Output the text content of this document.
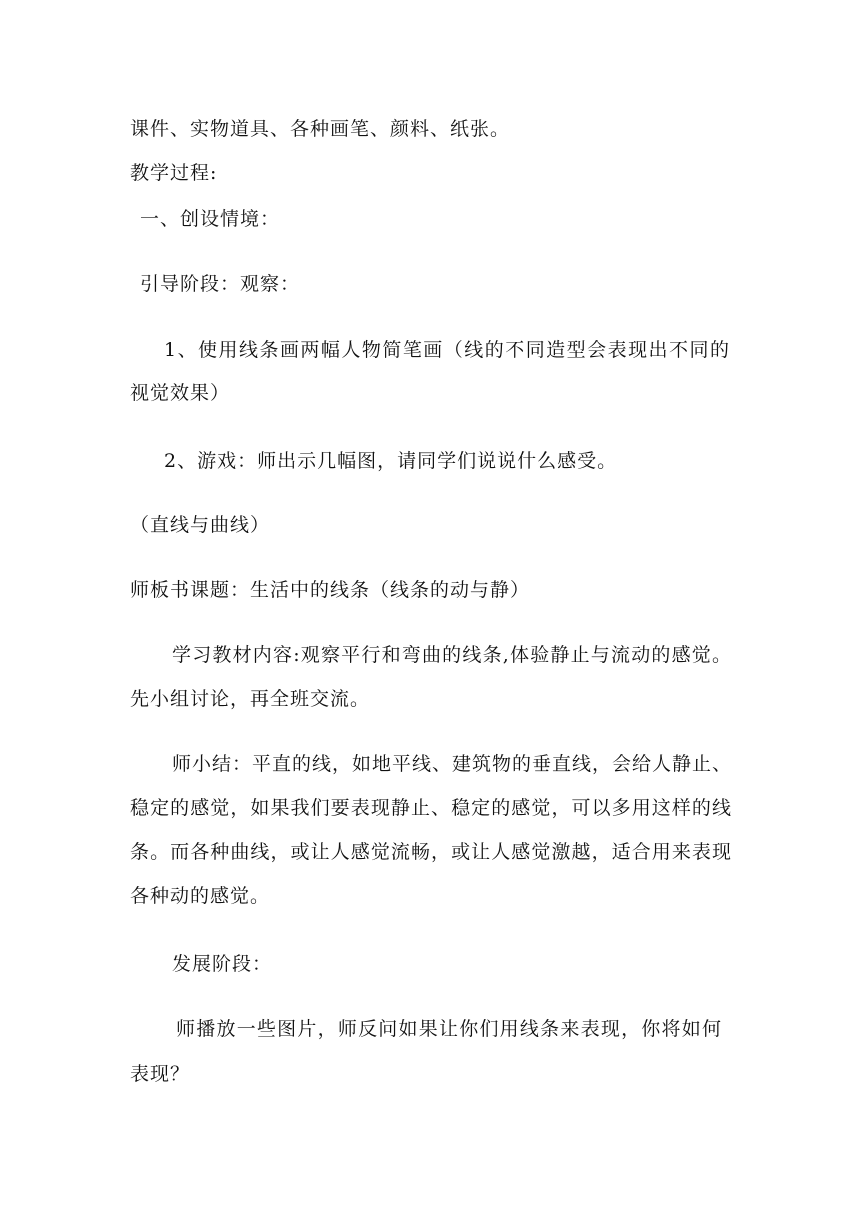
课件、实物道具、各种画笔、颜料、纸张。
教学过程:
一、创设情境：
引导阶段：观察：
1、使用线条画两幅人物简笔画（线的不同造型会表现出不同的
视觉效果）
2、游戏：师出示几幅图，请同学们说说什么感受。
（直线与曲线）
师板书课题：生活中的线条（线条的动与静）
学习教材内容:观察平行和弯曲的线条,体验静止与流动的感觉。
先小组讨论，再全班交流。
师小结：平直的线，如地平线、建筑物的垂直线，会给人静止、
稳定的感觉，如果我们要表现静止、稳定的感觉，可以多用这样的线
条。而各种曲线，或让人感觉流畅，或让人感觉激越，适合用来表现
各种动的感觉。
发展阶段：
师播放一些图片，师反问如果让你们用线条来表现，你将如何
表现？
